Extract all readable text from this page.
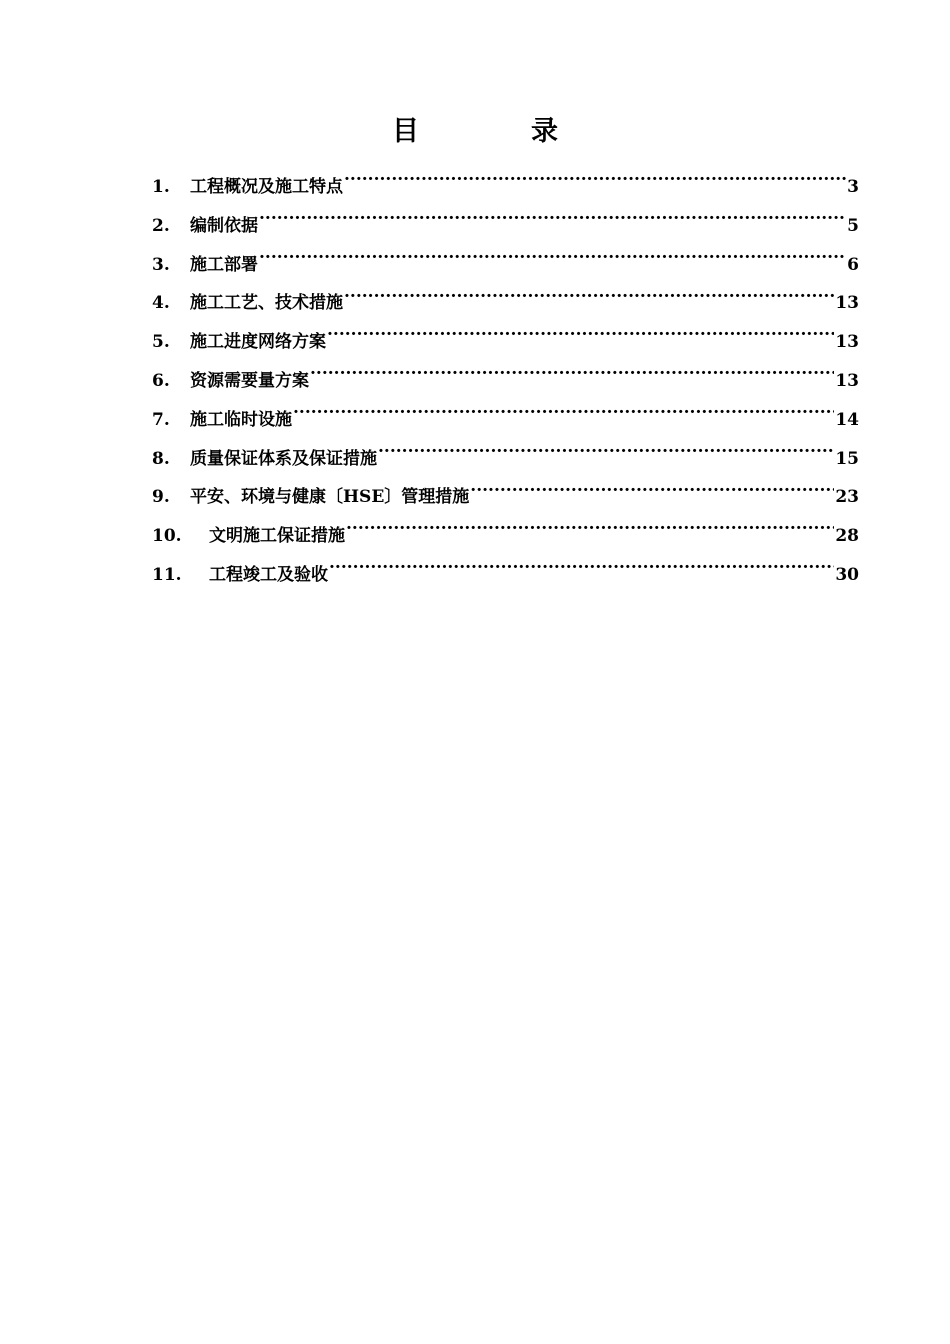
目	录
1.	工程概况及施工特点 .....	3
2.	编制依据 .....	5
3.	施工部署 .....	6
4.	施工工艺、技术措施 .....	13
5.	施工进度网络方案 .....	13
6.	资源需要量方案 .....	13
7.	施工临时设施 .....	14
8.	质量保证体系及保证措施 .....	15
9.	平安、环境与健康〔HSE〕管理措施 .....	23
10.	文明施工保证措施 .....	28
11.	工程竣工及验收 .....	30
